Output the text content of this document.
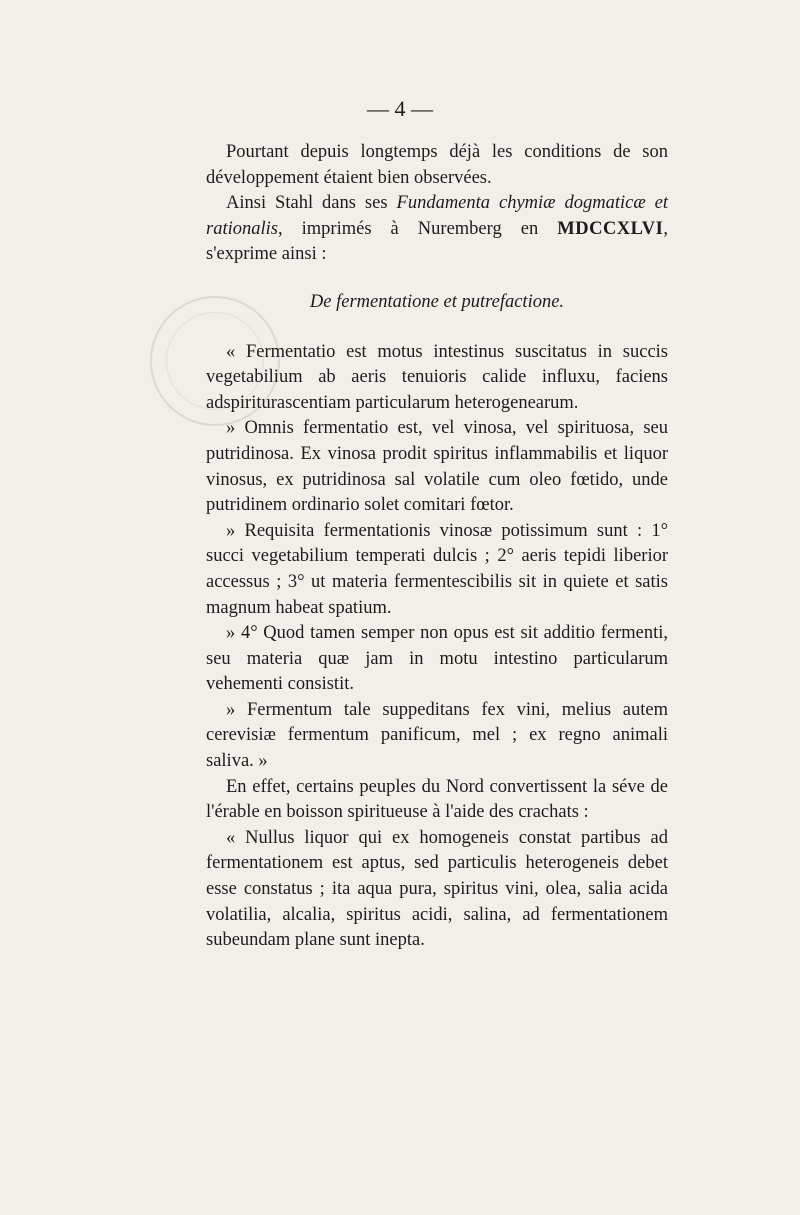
— 4 —

Pourtant depuis longtemps déjà les conditions de son développement étaient bien observées.

Ainsi Stahl dans ses Fundamenta chymiæ dogmaticæ et rationalis, imprimés à Nuremberg en MDCCXLVI, s'exprime ainsi :

De fermentatione et putrefactione.

« Fermentatio est motus intestinus suscitatus in succis vegetabilium ab aeris tenuioris calide influxu, faciens adspiriturascentiam particularum heterogenearum.

» Omnis fermentatio est, vel vinosa, vel spirituosa, seu putridinosa. Ex vinosa prodit spiritus inflammabilis et liquor vinosus, ex putridinosa sal volatile cum oleo fœtido, unde putridinem ordinario solet comitari fœtor.

» Requisita fermentationis vinosæ potissimum sunt : 1° succi vegetabilium temperati dulcis ; 2° aeris tepidi liberior accessus ; 3° ut materia fermentescibilis sit in quiete et satis magnum habeat spatium.

» 4° Quod tamen semper non opus est sit additio fermenti, seu materia quæ jam in motu intestino particularum vehementi consistit.

» Fermentum tale suppeditans fex vini, melius autem cerevisiæ fermentum panificum, mel ; ex regno animali saliva. »

En effet, certains peuples du Nord convertissent la séve de l'érable en boisson spiritueuse à l'aide des crachats :

« Nullus liquor qui ex homogeneis constat partibus ad fermentationem est aptus, sed particulis heterogeneis debet esse constatus ; ita aqua pura, spiritus vini, olea, salia acida volatilia, alcalia, spiritus acidi, salina, ad fermentationem subeundam plane sunt inepta.
